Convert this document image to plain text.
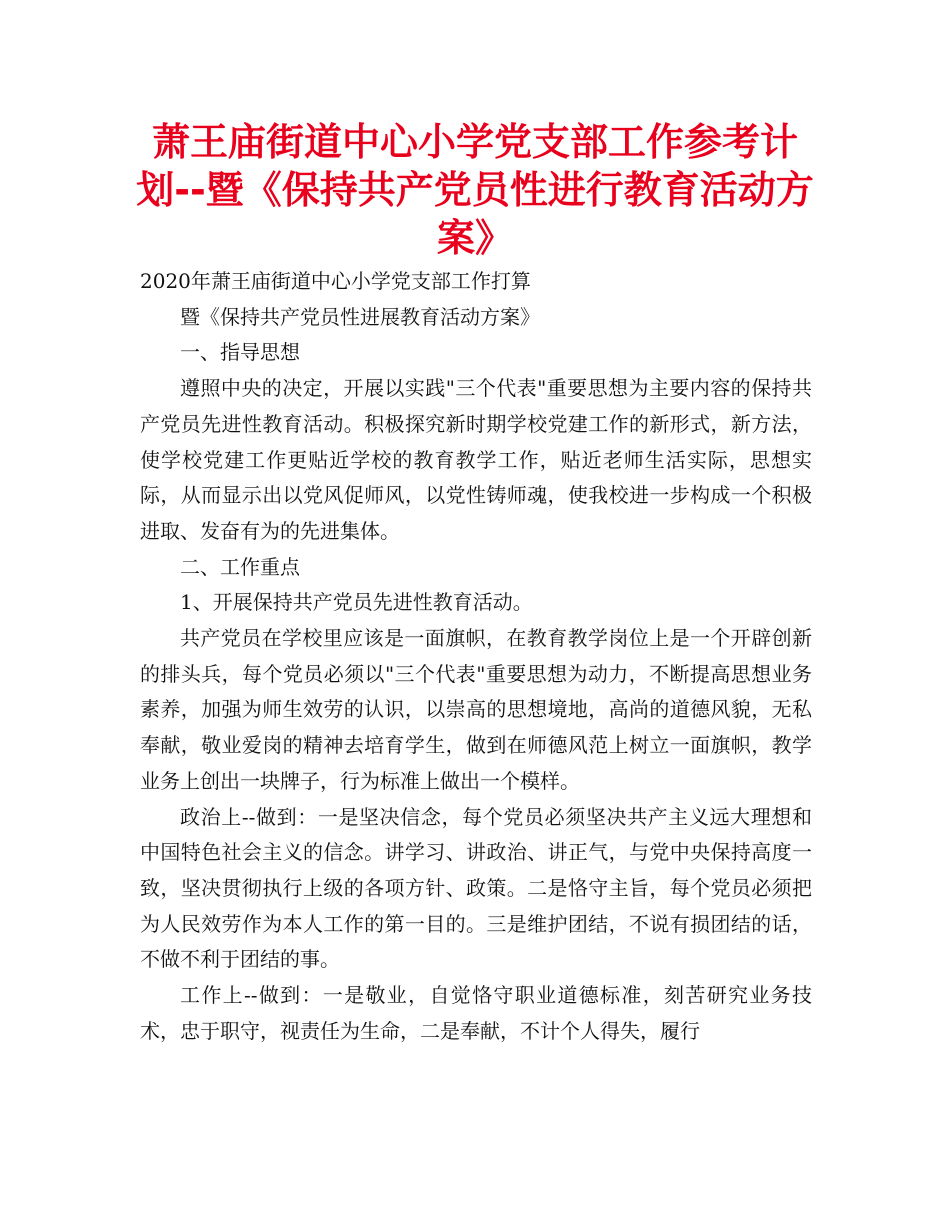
萧王庙街道中心小学党支部工作参考计划--暨《保持共产党员性进行教育活动方案》

2020年萧王庙街道中心小学党支部工作打算

暨《保持共产党员性进展教育活动方案》

一、指导思想

遵照中央的决定，开展以实践"三个代表"重要思想为主要内容的保持共产党员先进性教育活动。积极探究新时期学校党建工作的新形式，新方法，使学校党建工作更贴近学校的教育教学工作，贴近老师生活实际，思想实际，从而显示出以党风促师风，以党性铸师魂，使我校进一步构成一个积极进取、发奋有为的先进集体。

二、工作重点

1、开展保持共产党员先进性教育活动。

共产党员在学校里应该是一面旗帜，在教育教学岗位上是一个开辟创新的排头兵，每个党员必须以"三个代表"重要思想为动力，不断提高思想业务素养，加强为师生效劳的认识，以崇高的思想境地，高尚的道德风貌，无私奉献，敬业爱岗的精神去培育学生，做到在师德风范上树立一面旗帜，教学业务上创出一块牌子，行为标准上做出一个模样。

政治上--做到：一是坚决信念，每个党员必须坚决共产主义远大理想和中国特色社会主义的信念。讲学习、讲政治、讲正气，与党中央保持高度一致，坚决贯彻执行上级的各项方针、政策。二是恪守主旨，每个党员必须把为人民效劳作为本人工作的第一目的。三是维护团结，不说有损团结的话，不做不利于团结的事。

工作上--做到：一是敬业，自觉恪守职业道德标准，刻苦研究业务技术，忠于职守，视责任为生命，二是奉献，不计个人得失，履行
